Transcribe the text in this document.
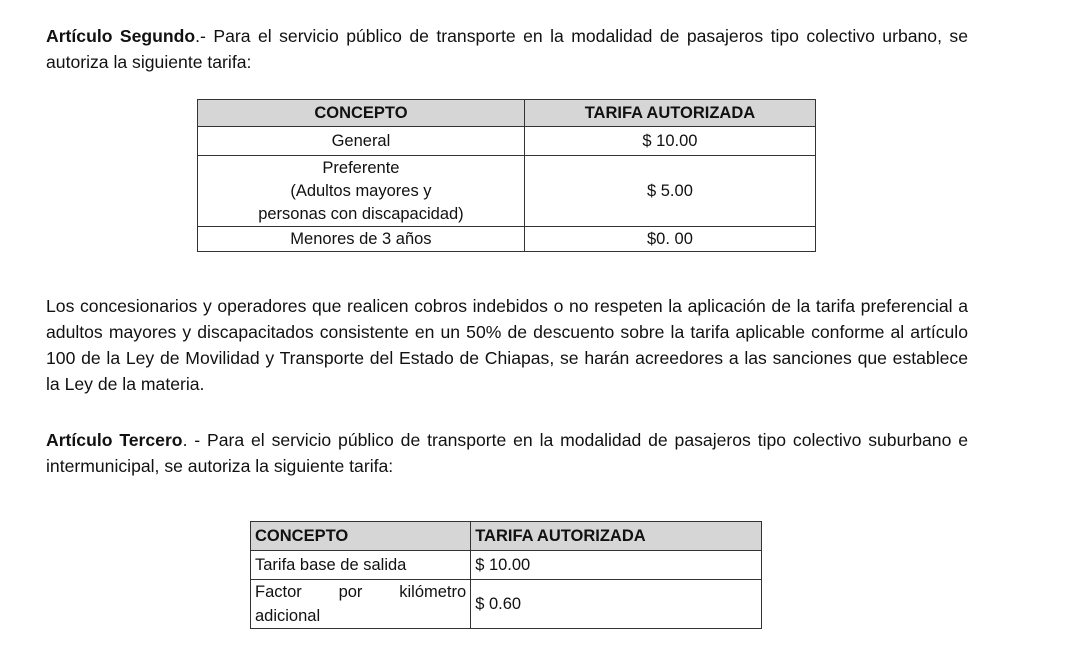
Artículo Segundo.- Para el servicio público de transporte en la modalidad de pasajeros tipo colectivo urbano, se autoriza la siguiente tarifa:

CONCEPTO	TARIFA AUTORIZADA
General	$ 10.00

Preferente
(Adultos mayores y
personas con discapacidad)	$ 5.00
Menores de 3 años	$0. 00

Los concesionarios y operadores que realicen cobros indebidos o no respeten la aplicación de la tarifa preferencial a adultos mayores y discapacitados consistente en un 50% de descuento sobre la tarifa aplicable conforme al artículo 100 de la Ley de Movilidad y Transporte del Estado de Chiapas, se harán acreedores a las sanciones que establece la Ley de la materia.

Artículo Tercero. - Para el servicio público de transporte en la modalidad de pasajeros tipo colectivo suburbano e intermunicipal, se autoriza la siguiente tarifa:

CONCEPTO	TARIFA AUTORIZADA
Tarifa base de salida	$ 10.00

Factor por kilómetro adicional	$ 0.60
